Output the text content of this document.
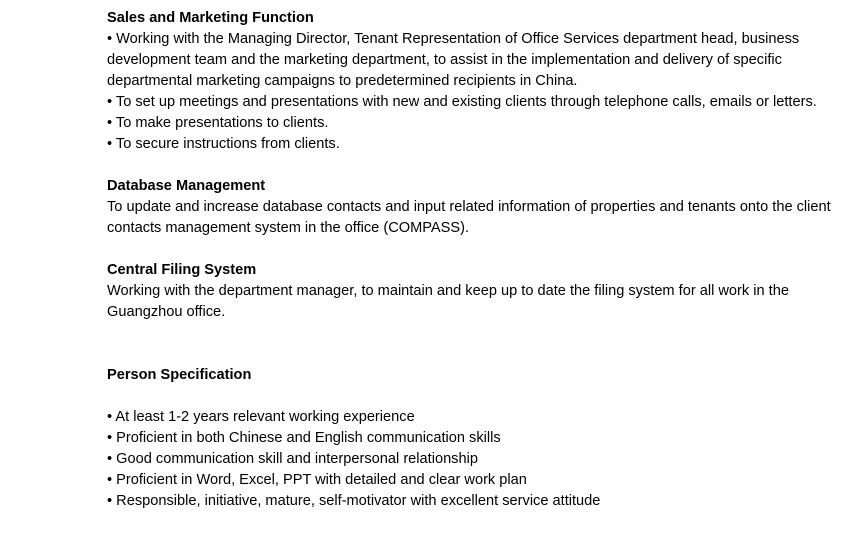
Sales and Marketing Function

• Working with the Managing Director, Tenant Representation of Office Services department head, business development team and the marketing department, to assist in the implementation and delivery of specific departmental marketing campaigns to predetermined recipients in China.

• To set up meetings and presentations with new and existing clients through telephone calls, emails or letters.

• To make presentations to clients.

• To secure instructions from clients.

Database Management

To update and increase database contacts and input related information of properties and tenants onto the client contacts management system in the office (COMPASS).

Central Filing System

Working with the department manager, to maintain and keep up to date the filing system for all work in the Guangzhou office.

Person Specification

• At least 1-2 years relevant working experience

• Proficient in both Chinese and English communication skills

• Good communication skill and interpersonal relationship

• Proficient in Word, Excel, PPT with detailed and clear work plan

• Responsible, initiative, mature, self-motivator with excellent service attitude
